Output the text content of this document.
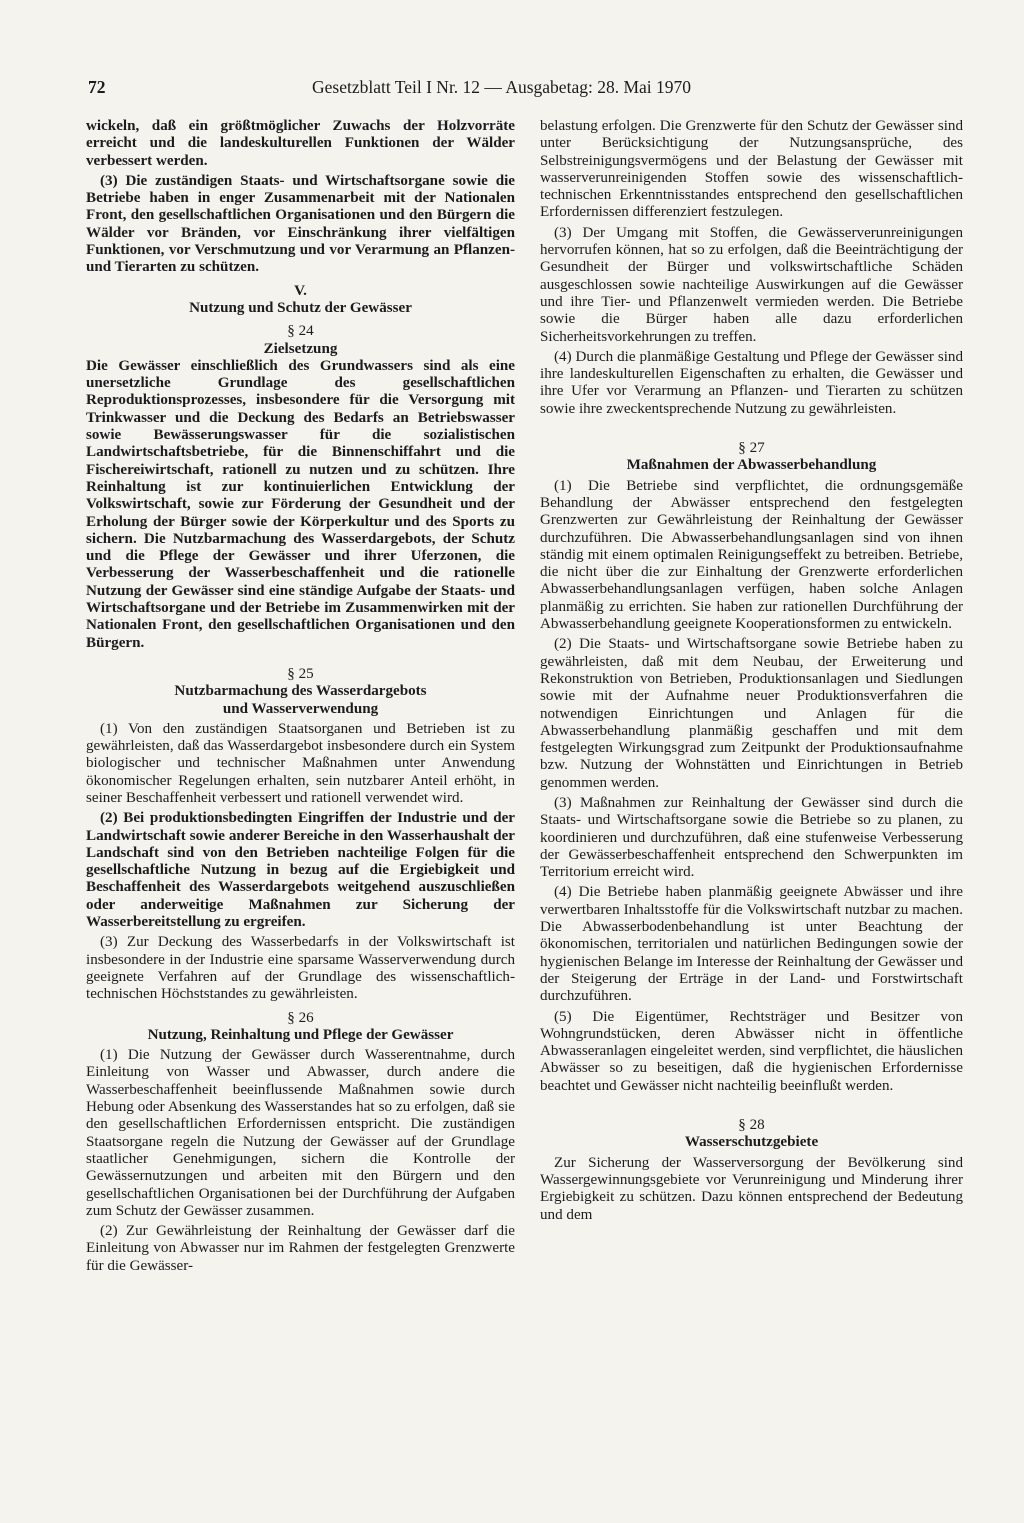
72	Gesetzblatt Teil I Nr. 12 — Ausgabetag: 28. Mai 1970

wickeln, daß ein größtmöglicher Zuwachs der Holzvorräte erreicht und die landeskulturellen Funktionen der Wälder verbessert werden.

(3) Die zuständigen Staats- und Wirtschaftsorgane sowie die Betriebe haben in enger Zusammenarbeit mit der Nationalen Front, den gesellschaftlichen Organisationen und den Bürgern die Wälder vor Bränden, vor Einschränkung ihrer vielfältigen Funktionen, vor Verschmutzung und vor Verarmung an Pflanzen- und Tierarten zu schützen.

V.

Nutzung und Schutz der Gewässer

§ 24

Zielsetzung

Die Gewässer einschließlich des Grundwassers sind als eine unersetzliche Grundlage des gesellschaftlichen Reproduktionsprozesses, insbesondere für die Versorgung mit Trinkwasser und die Deckung des Bedarfs an Betriebswasser sowie Bewässerungswasser für die sozialistischen Landwirtschaftsbetriebe, für die Binnenschiffahrt und die Fischereiwirtschaft, rationell zu nutzen und zu schützen. Ihre Reinhaltung ist zur kontinuierlichen Entwicklung der Volkswirtschaft, sowie zur Förderung der Gesundheit und der Erholung der Bürger sowie der Körperkultur und des Sports zu sichern. Die Nutzbarmachung des Wasserdargebots, der Schutz und die Pflege der Gewässer und ihrer Uferzonen, die Verbesserung der Wasserbeschaffenheit und die rationelle Nutzung der Gewässer sind eine ständige Aufgabe der Staats- und Wirtschaftsorgane und der Betriebe im Zusammenwirken mit der Nationalen Front, den gesellschaftlichen Organisationen und den Bürgern.

§ 25

Nutzbarmachung des Wasserdargebots

und Wasserverwendung

(1) Von den zuständigen Staatsorganen und Betrieben ist zu gewährleisten, daß das Wasserdargebot insbesondere durch ein System biologischer und technischer Maßnahmen unter Anwendung ökonomischer Regelungen erhalten, sein nutzbarer Anteil erhöht, in seiner Beschaffenheit verbessert und rationell verwendet wird.

(2) Bei produktionsbedingten Eingriffen der Industrie und der Landwirtschaft sowie anderer Bereiche in den Wasserhaushalt der Landschaft sind von den Betrieben nachteilige Folgen für die gesellschaftliche Nutzung in bezug auf die Ergiebigkeit und Beschaffenheit des Wasserdargebots weitgehend auszuschließen oder anderweitige Maßnahmen zur Sicherung der Wasserbereitstellung zu ergreifen.

(3) Zur Deckung des Wasserbedarfs in der Volkswirtschaft ist insbesondere in der Industrie eine sparsame Wasserverwendung durch geeignete Verfahren auf der Grundlage des wissenschaftlich-technischen Höchststandes zu gewährleisten.

§ 26

Nutzung, Reinhaltung und Pflege der Gewässer

(1) Die Nutzung der Gewässer durch Wasserentnahme, durch Einleitung von Wasser und Abwasser, durch andere die Wasserbeschaffenheit beeinflussende Maßnahmen sowie durch Hebung oder Absenkung des Wasserstandes hat so zu erfolgen, daß sie den gesellschaftlichen Erfordernissen entspricht. Die zuständigen Staatsorgane regeln die Nutzung der Gewässer auf der Grundlage staatlicher Genehmigungen, sichern die Kontrolle der Gewässernutzungen und arbeiten mit den Bürgern und den gesellschaftlichen Organisationen bei der Durchführung der Aufgaben zum Schutz der Gewässer zusammen.

(2) Zur Gewährleistung der Reinhaltung der Gewässer darf die Einleitung von Abwasser nur im Rahmen der festgelegten Grenzwerte für die Gewässer-

belastung erfolgen. Die Grenzwerte für den Schutz der Gewässer sind unter Berücksichtigung der Nutzungsansprüche, des Selbstreinigungsvermögens und der Belastung der Gewässer mit wasserverunreinigenden Stoffen sowie des wissenschaftlich-technischen Erkenntnisstandes entsprechend den gesellschaftlichen Erfordernissen differenziert festzulegen.

(3) Der Umgang mit Stoffen, die Gewässerverunreinigungen hervorrufen können, hat so zu erfolgen, daß die Beeinträchtigung der Gesundheit der Bürger und volkswirtschaftliche Schäden ausgeschlossen sowie nachteilige Auswirkungen auf die Gewässer und ihre Tier- und Pflanzenwelt vermieden werden. Die Betriebe sowie die Bürger haben alle dazu erforderlichen Sicherheitsvorkehrungen zu treffen.

(4) Durch die planmäßige Gestaltung und Pflege der Gewässer sind ihre landeskulturellen Eigenschaften zu erhalten, die Gewässer und ihre Ufer vor Verarmung an Pflanzen- und Tierarten zu schützen sowie ihre zweckentsprechende Nutzung zu gewährleisten.

§ 27

Maßnahmen der Abwasserbehandlung

(1) Die Betriebe sind verpflichtet, die ordnungsgemäße Behandlung der Abwässer entsprechend den festgelegten Grenzwerten zur Gewährleistung der Reinhaltung der Gewässer durchzuführen. Die Abwasserbehandlungsanlagen sind von ihnen ständig mit einem optimalen Reinigungseffekt zu betreiben. Betriebe, die nicht über die zur Einhaltung der Grenzwerte erforderlichen Abwasserbehandlungsanlagen verfügen, haben solche Anlagen planmäßig zu errichten. Sie haben zur rationellen Durchführung der Abwasserbehandlung geeignete Kooperationsformen zu entwickeln.

(2) Die Staats- und Wirtschaftsorgane sowie Betriebe haben zu gewährleisten, daß mit dem Neubau, der Erweiterung und Rekonstruktion von Betrieben, Produktionsanlagen und Siedlungen sowie mit der Aufnahme neuer Produktionsverfahren die notwendigen Einrichtungen und Anlagen für die Abwasserbehandlung planmäßig geschaffen und mit dem festgelegten Wirkungsgrad zum Zeitpunkt der Produktionsaufnahme bzw. Nutzung der Wohnstätten und Einrichtungen in Betrieb genommen werden.

(3) Maßnahmen zur Reinhaltung der Gewässer sind durch die Staats- und Wirtschaftsorgane sowie die Betriebe so zu planen, zu koordinieren und durchzuführen, daß eine stufenweise Verbesserung der Gewässerbeschaffenheit entsprechend den Schwerpunkten im Territorium erreicht wird.

(4) Die Betriebe haben planmäßig geeignete Abwässer und ihre verwertbaren Inhaltsstoffe für die Volkswirtschaft nutzbar zu machen. Die Abwasserbodenbehandlung ist unter Beachtung der ökonomischen, territorialen und natürlichen Bedingungen sowie der hygienischen Belange im Interesse der Reinhaltung der Gewässer und der Steigerung der Erträge in der Land- und Forstwirtschaft durchzuführen.

(5) Die Eigentümer, Rechtsträger und Besitzer von Wohngrundstücken, deren Abwässer nicht in öffentliche Abwasseranlagen eingeleitet werden, sind verpflichtet, die häuslichen Abwässer so zu beseitigen, daß die hygienischen Erfordernisse beachtet und Gewässer nicht nachteilig beeinflußt werden.

§ 28

Wasserschutzgebiete

Zur Sicherung der Wasserversorgung der Bevölkerung sind Wassergewinnungsgebiete vor Verunreinigung und Minderung ihrer Ergiebigkeit zu schützen. Dazu können entsprechend der Bedeutung und dem
